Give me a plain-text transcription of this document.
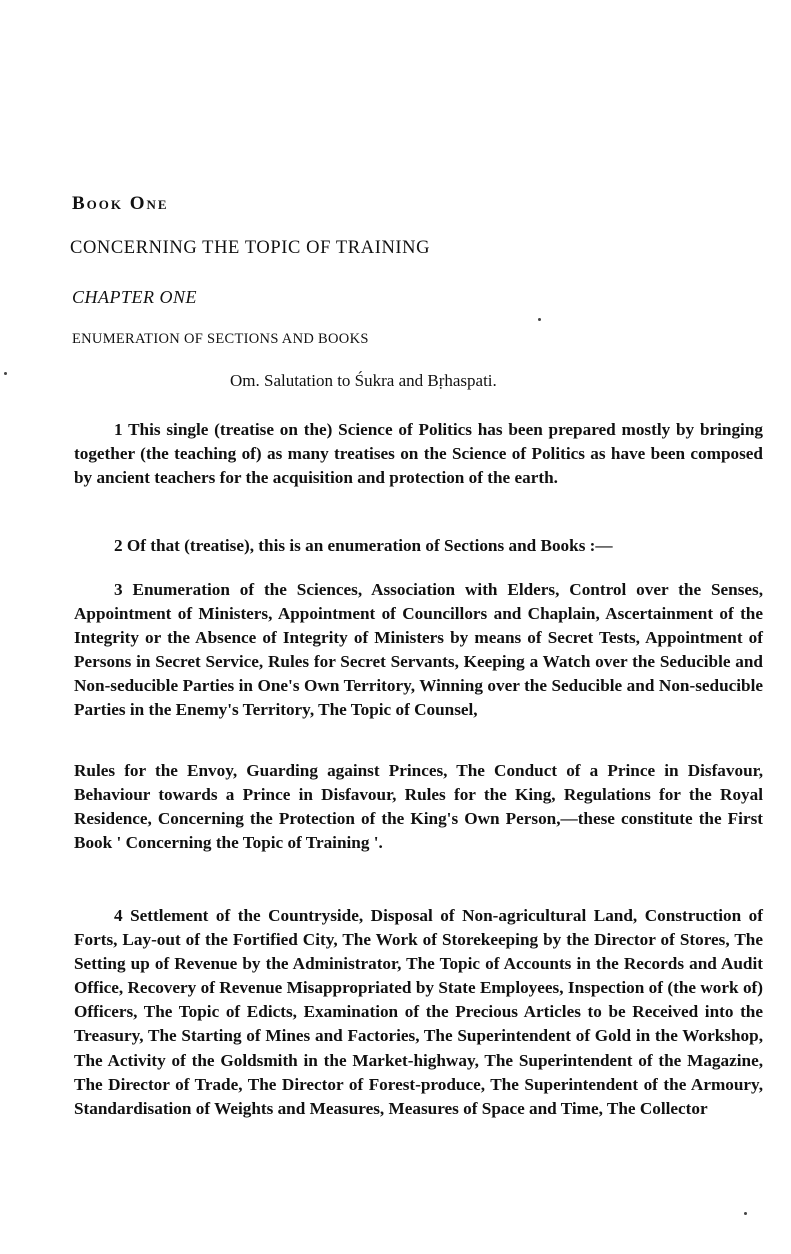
Book One
CONCERNING THE TOPIC OF TRAINING
CHAPTER ONE
ENUMERATION OF SECTIONS AND BOOKS
Om. Salutation to Śukra and Bṛhaspati.

1 This single (treatise on the) Science of Politics has been prepared mostly by bringing together (the teaching of) as many treatises on the Science of Politics as have been composed by ancient teachers for the acquisition and protection of the earth.

2 Of that (treatise), this is an enumeration of Sections and Books :—

3 Enumeration of the Sciences, Association with Elders, Control over the Senses, Appointment of Ministers, Appointment of Councillors and Chaplain, Ascertainment of the Integrity or the Absence of Integrity of Ministers by means of Secret Tests, Appointment of Persons in Secret Service, Rules for Secret Servants, Keeping a Watch over the Seducible and Non-seducible Parties in One's Own Territory, Winning over the Seducible and Non-seducible Parties in the Enemy's Territory, The Topic of Counsel,

Rules for the Envoy, Guarding against Princes, The Conduct of a Prince in Disfavour, Behaviour towards a Prince in Disfavour, Rules for the King, Regulations for the Royal Residence, Concerning the Protection of the King's Own Person,—these constitute the First Book ' Concerning the Topic of Training '.

4 Settlement of the Countryside, Disposal of Non-agricultural Land, Construction of Forts, Lay-out of the Fortified City, The Work of Storekeeping by the Director of Stores, The Setting up of Revenue by the Administrator, The Topic of Accounts in the Records and Audit Office, Recovery of Revenue Misappropriated by State Employees, Inspection of (the work of) Officers, The Topic of Edicts, Examination of the Precious Articles to be Received into the Treasury, The Starting of Mines and Factories, The Superintendent of Gold in the Workshop, The Activity of the Goldsmith in the Market-highway, The Superintendent of the Magazine, The Director of Trade, The Director of Forest-produce, The Superintendent of the Armoury, Standardisation of Weights and Measures, Measures of Space and Time, The Collector
